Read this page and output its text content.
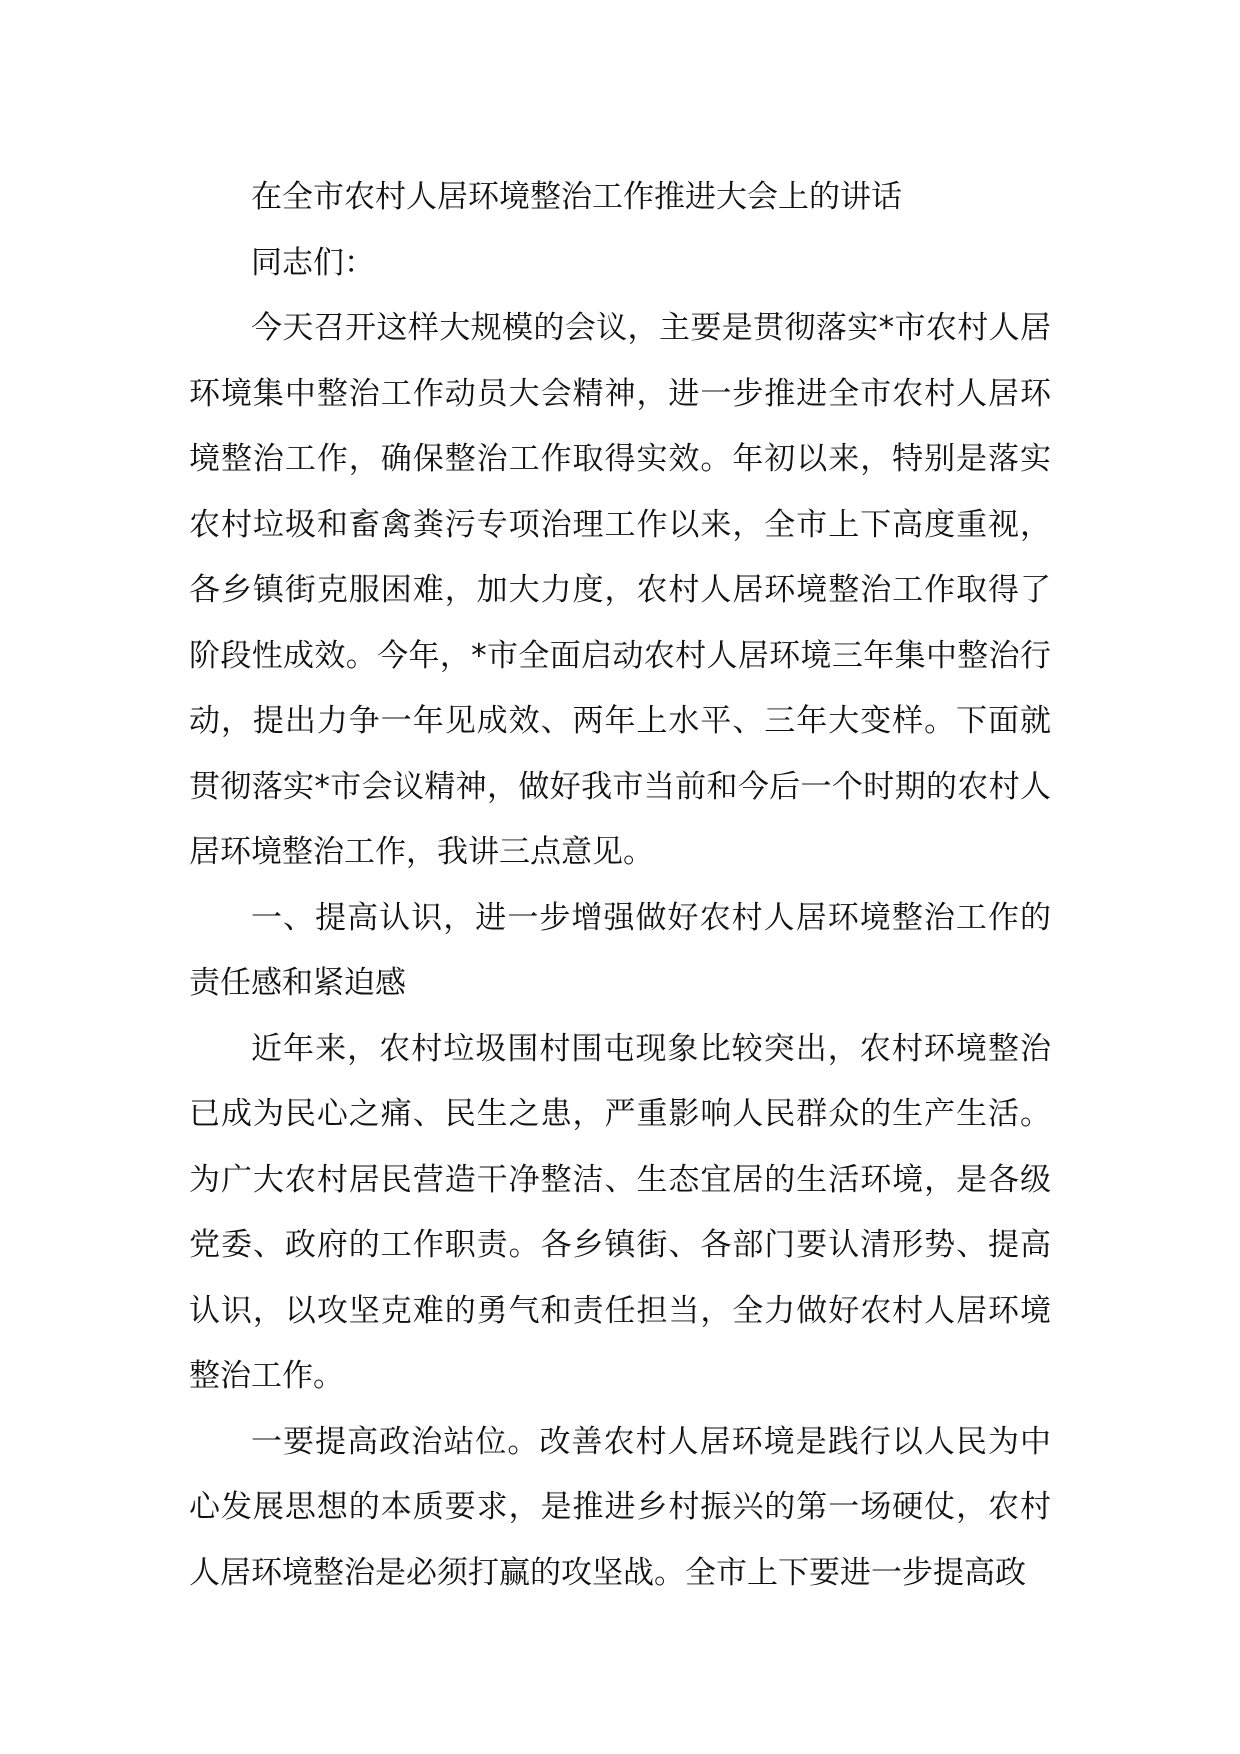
在全市农村人居环境整治工作推进大会上的讲话

同志们：

今天召开这样大规模的会议，主要是贯彻落实*市农村人居环境集中整治工作动员大会精神，进一步推进全市农村人居环境整治工作，确保整治工作取得实效。年初以来，特别是落实农村垃圾和畜禽粪污专项治理工作以来，全市上下高度重视，各乡镇街克服困难，加大力度，农村人居环境整治工作取得了阶段性成效。今年，*市全面启动农村人居环境三年集中整治行动，提出力争一年见成效、两年上水平、三年大变样。下面就贯彻落实*市会议精神，做好我市当前和今后一个时期的农村人居环境整治工作，我讲三点意见。

一、提高认识，进一步增强做好农村人居环境整治工作的责任感和紧迫感

近年来，农村垃圾围村围屯现象比较突出，农村环境整治已成为民心之痛、民生之患，严重影响人民群众的生产生活。为广大农村居民营造干净整洁、生态宜居的生活环境，是各级党委、政府的工作职责。各乡镇街、各部门要认清形势、提高认识，以攻坚克难的勇气和责任担当，全力做好农村人居环境整治工作。

一要提高政治站位。改善农村人居环境是践行以人民为中心发展思想的本质要求，是推进乡村振兴的第一场硬仗，农村人居环境整治是必须打赢的攻坚战。全市上下要进一步提高政
